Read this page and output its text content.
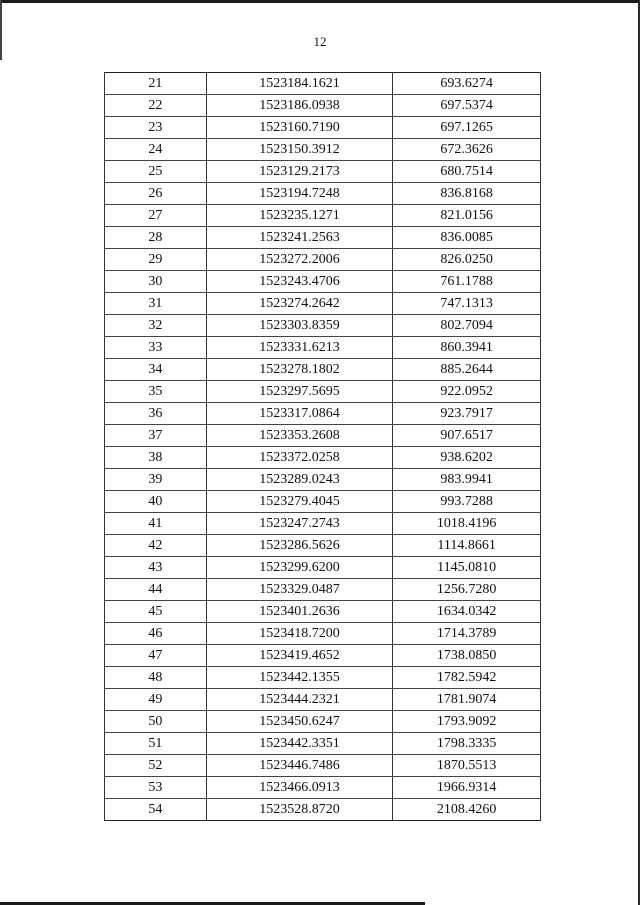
12
21	1523184.1621	693.6274
22	1523186.0938	697.5374
23	1523160.7190	697.1265
24	1523150.3912	672.3626
25	1523129.2173	680.7514
26	1523194.7248	836.8168
27	1523235.1271	821.0156
28	1523241.2563	836.0085
29	1523272.2006	826.0250
30	1523243.4706	761.1788
31	1523274.2642	747.1313
32	1523303.8359	802.7094
33	1523331.6213	860.3941
34	1523278.1802	885.2644
35	1523297.5695	922.0952
36	1523317.0864	923.7917
37	1523353.2608	907.6517
38	1523372.0258	938.6202
39	1523289.0243	983.9941
40	1523279.4045	993.7288
41	1523247.2743	1018.4196
42	1523286.5626	1114.8661
43	1523299.6200	1145.0810
44	1523329.0487	1256.7280
45	1523401.2636	1634.0342
46	1523418.7200	1714.3789
47	1523419.4652	1738.0850
48	1523442.1355	1782.5942
49	1523444.2321	1781.9074
50	1523450.6247	1793.9092
51	1523442.3351	1798.3335
52	1523446.7486	1870.5513
53	1523466.0913	1966.9314
54	1523528.8720	2108.4260
